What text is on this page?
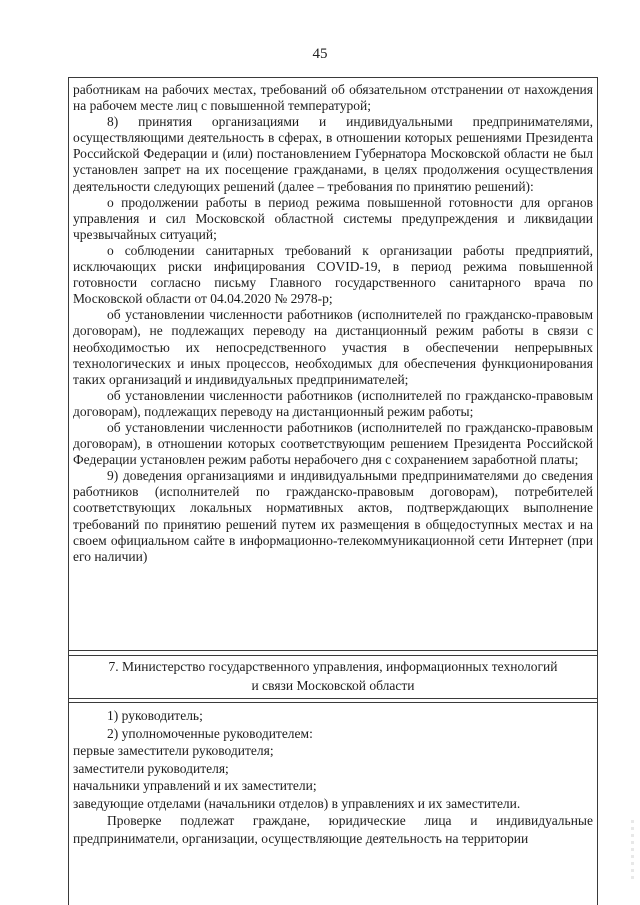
45

работникам на рабочих местах, требований об обязательном отстранении от нахождения на рабочем месте лиц с повышенной температурой;

8) принятия организациями и индивидуальными предпринимателями, осуществляющими деятельность в сферах, в отношении которых решениями Президента Российской Федерации и (или) постановлением Губернатора Московской области не был установлен запрет на их посещение гражданами, в целях продолжения осуществления деятельности следующих решений (далее – требования по принятию решений):

о продолжении работы в период режима повышенной готовности для органов управления и сил Московской областной системы предупреждения и ликвидации чрезвычайных ситуаций;

о соблюдении санитарных требований к организации работы предприятий, исключающих риски инфицирования COVID-19, в период режима повышенной готовности согласно письму Главного государственного санитарного врача по Московской области от 04.04.2020 № 2978-р;

об установлении численности работников (исполнителей по гражданско-правовым договорам), не подлежащих переводу на дистанционный режим работы в связи с необходимостью их непосредственного участия в обеспечении непрерывных технологических и иных процессов, необходимых для обеспечения функционирования таких организаций и индивидуальных предпринимателей;

об установлении численности работников (исполнителей по гражданско-правовым договорам), подлежащих переводу на дистанционный режим работы;

об установлении численности работников (исполнителей по гражданско-правовым договорам), в отношении которых соответствующим решением Президента Российской Федерации установлен режим работы нерабочего дня с сохранением заработной платы;

9) доведения организациями и индивидуальными предпринимателями до сведения работников (исполнителей по гражданско-правовым договорам), потребителей соответствующих локальных нормативных актов, подтверждающих выполнение требований по принятию решений путем их размещения в общедоступных местах и на своем официальном сайте в информационно-телекоммуникационной сети Интернет (при его наличии)

7. Министерство государственного управления, информационных технологий
и связи Московской области

1) руководитель;

2) уполномоченные руководителем:

первые заместители руководителя;

заместители руководителя;

начальники управлений и их заместители;

заведующие отделами (начальники отделов) в управлениях и их заместители.

Проверке подлежат граждане, юридические лица и индивидуальные предприниматели, организации, осуществляющие деятельность на территории
